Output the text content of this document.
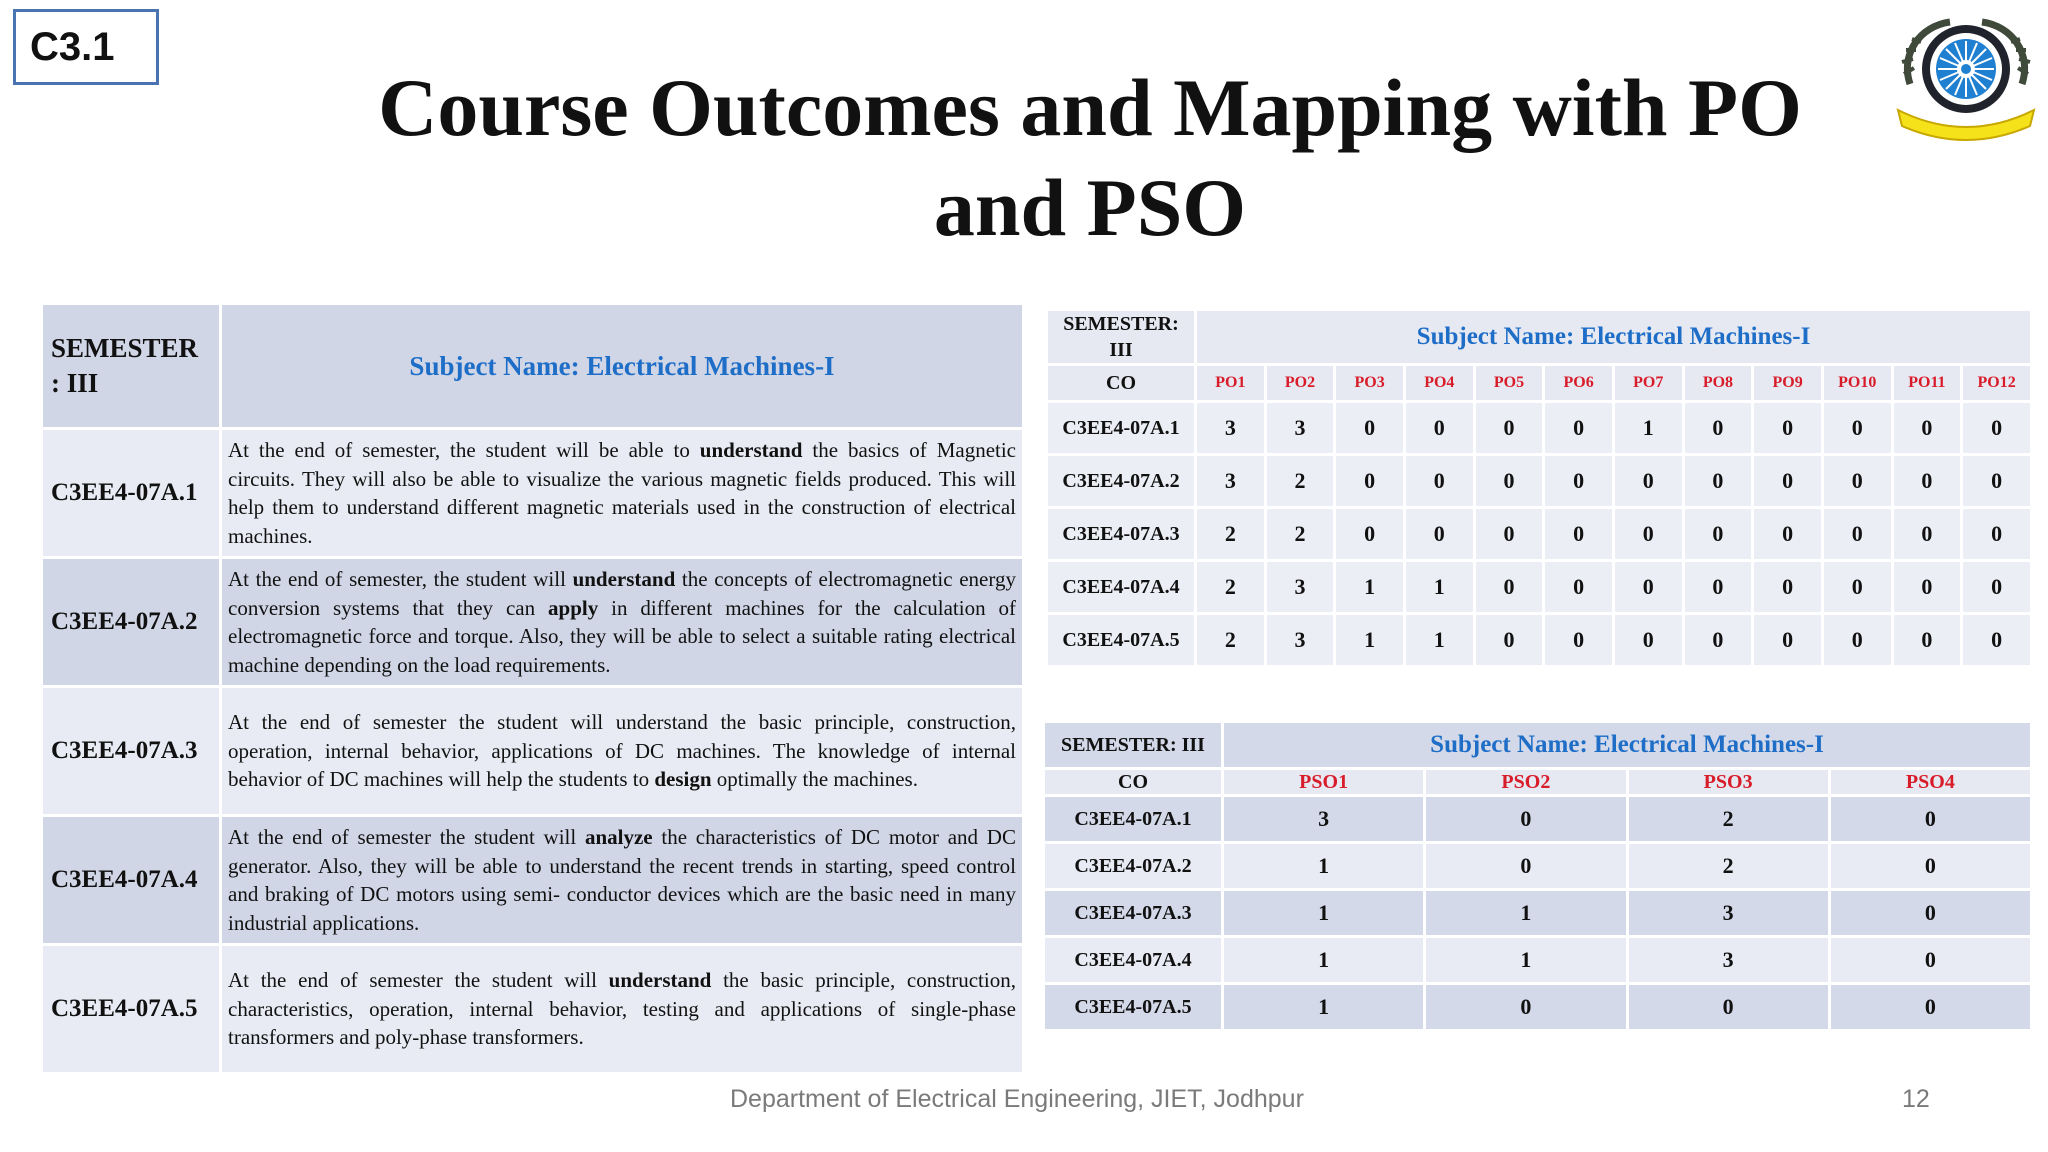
C3.1
Course Outcomes and Mapping with PO
and PSO
SEMESTER
: III	Subject Name: Electrical Machines-I
C3EE4-07A.1	At the end of semester, the student will be able to understand the basics of Magnetic circuits. They will also be able to visualize the various magnetic fields produced. This will help them to understand different magnetic materials used in the construction of electrical machines.
C3EE4-07A.2	At the end of semester, the student will understand the concepts of electromagnetic energy conversion systems that they can apply in different machines for the calculation of electromagnetic force and torque. Also, they will be able to select a suitable rating electrical machine depending on the load requirements.
C3EE4-07A.3	At the end of semester the student will understand the basic principle, construction, operation, internal behavior, applications of DC machines. The knowledge of internal behavior of DC machines will help the students to design optimally the machines.
C3EE4-07A.4	At the end of semester the student will analyze the characteristics of DC motor and DC generator. Also, they will be able to understand the recent trends in starting, speed control and braking of DC motors using semi- conductor devices which are the basic need in many industrial applications.
C3EE4-07A.5	At the end of semester the student will understand the basic principle, construction, characteristics, operation, internal behavior, testing and applications of single-phase transformers and poly-phase transformers.
SEMESTER:
III	Subject Name: Electrical Machines-I											
CO	PO1	PO2	PO3	PO4	PO5	PO6	PO7	PO8	PO9	PO10	PO11	PO12
C3EE4-07A.1	3	3	0	0	0	0	1	0	0	0	0	0
C3EE4-07A.2	3	2	0	0	0	0	0	0	0	0	0	0
C3EE4-07A.3	2	2	0	0	0	0	0	0	0	0	0	0
C3EE4-07A.4	2	3	1	1	0	0	0	0	0	0	0	0
C3EE4-07A.5	2	3	1	1	0	0	0	0	0	0	0	0
SEMESTER: III	Subject Name: Electrical Machines-I			
CO	PSO1	PSO2	PSO3	PSO4
C3EE4-07A.1	3	0	2	0
C3EE4-07A.2	1	0	2	0
C3EE4-07A.3	1	1	3	0
C3EE4-07A.4	1	1	3	0
C3EE4-07A.5	1	0	0	0
Department of Electrical Engineering, JIET, Jodhpur	12
